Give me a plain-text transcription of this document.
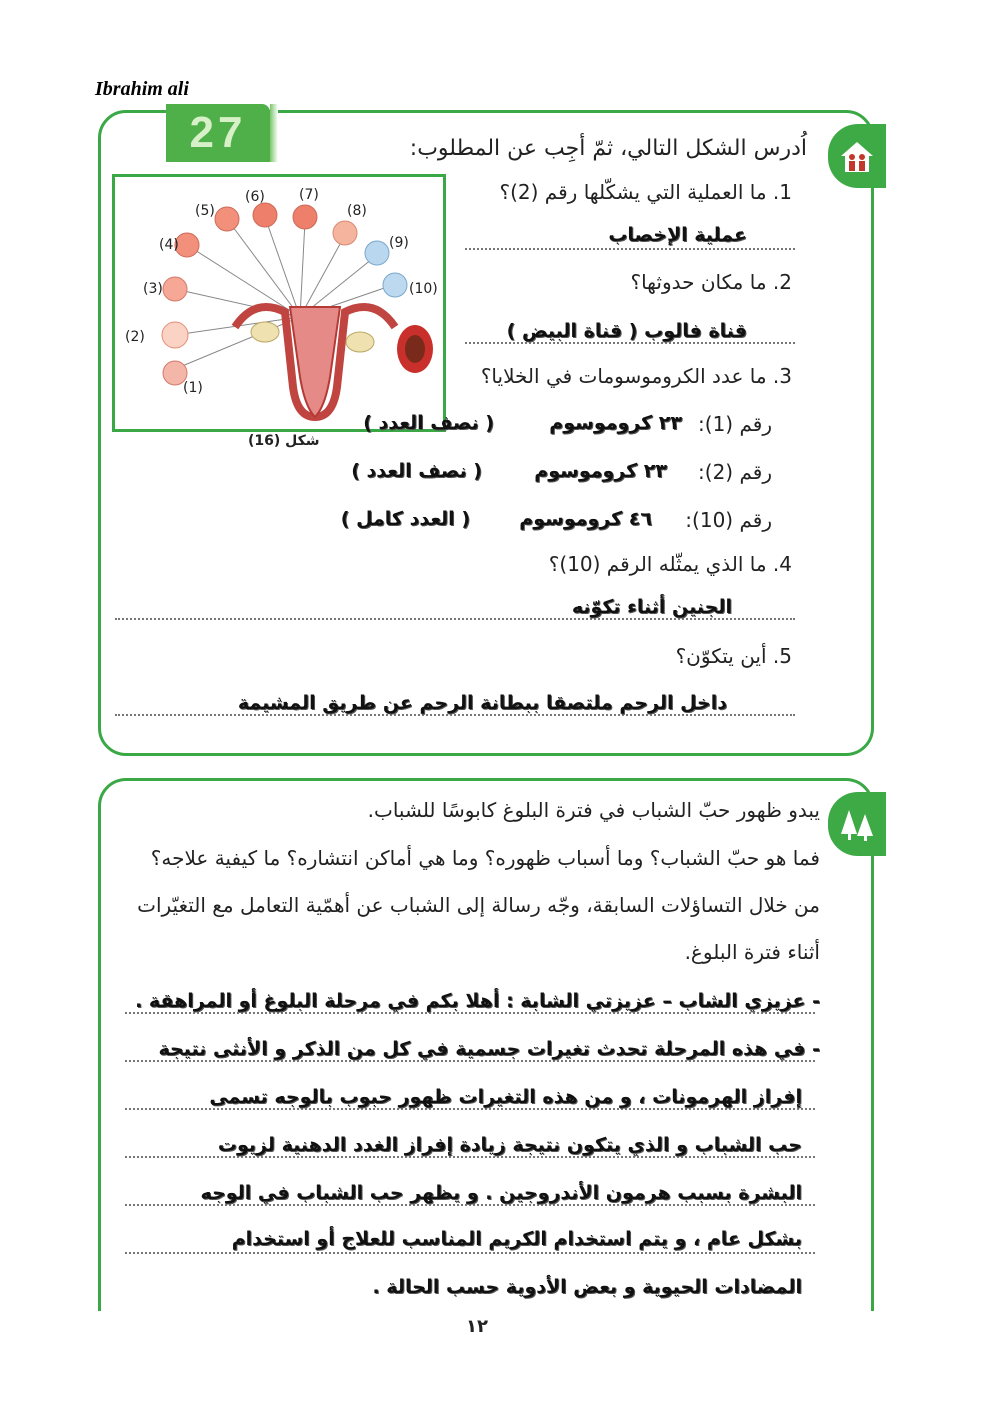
Ibrahim ali
27	اُدرس الشكل التالي، ثمّ أجِب عن المطلوب:
(1)
(2)
(3)
(4)
(5)
(6) (7)
(8)
(9)
(10)
شكل (16)
1. ما العملية التي يشكّلها رقم (2)؟
عملية الإخصاب
2. ما مكان حدوثها؟
قناة فالوب ( قناة البيض )
3. ما عدد الكروموسومات في الخلايا؟
رقم (1):
٢٣ كروموسوم
( نصف العدد )
رقم (2):
٢٣ كروموسوم
( نصف العدد )
رقم (10):
٤٦ كروموسوم
( العدد كامل )
4. ما الذي يمثّله الرقم (10)؟
الجنين أثناء تكوّنه
5. أين يتكوّن؟
داخل الرحم ملتصقا ببطانة الرحم عن طريق المشيمة
يبدو ظهور حبّ الشباب في فترة البلوغ كابوسًا للشباب.
فما هو حبّ الشباب؟ وما أسباب ظهوره؟ وما هي أماكن انتشاره؟ ما كيفية علاجه؟
من خلال التساؤلات السابقة، وجّه رسالة إلى الشباب عن أهمّية التعامل مع التغيّرات
أثناء فترة البلوغ.
- عزيزي الشاب – عزيزتي الشابة : أهلا بكم في مرحلة البلوغ أو المراهقة .
- في هذه المرحلة تحدث تغيرات جسمية في كل من الذكر و الأنثى نتيجة
إفراز الهرمونات ، و من هذه التغيرات ظهور حبوب بالوجه تسمى
حب الشباب و الذي يتكون نتيجة زيادة إفراز الغدد الدهنية لزيوت
البشرة بسبب هرمون الأندروجين . و يظهر حب الشباب في الوجه
بشكل عام ، و يتم استخدام الكريم المناسب للعلاج أو استخدام
المضادات الحيوية و بعض الأدوية حسب الحالة .
١٢
